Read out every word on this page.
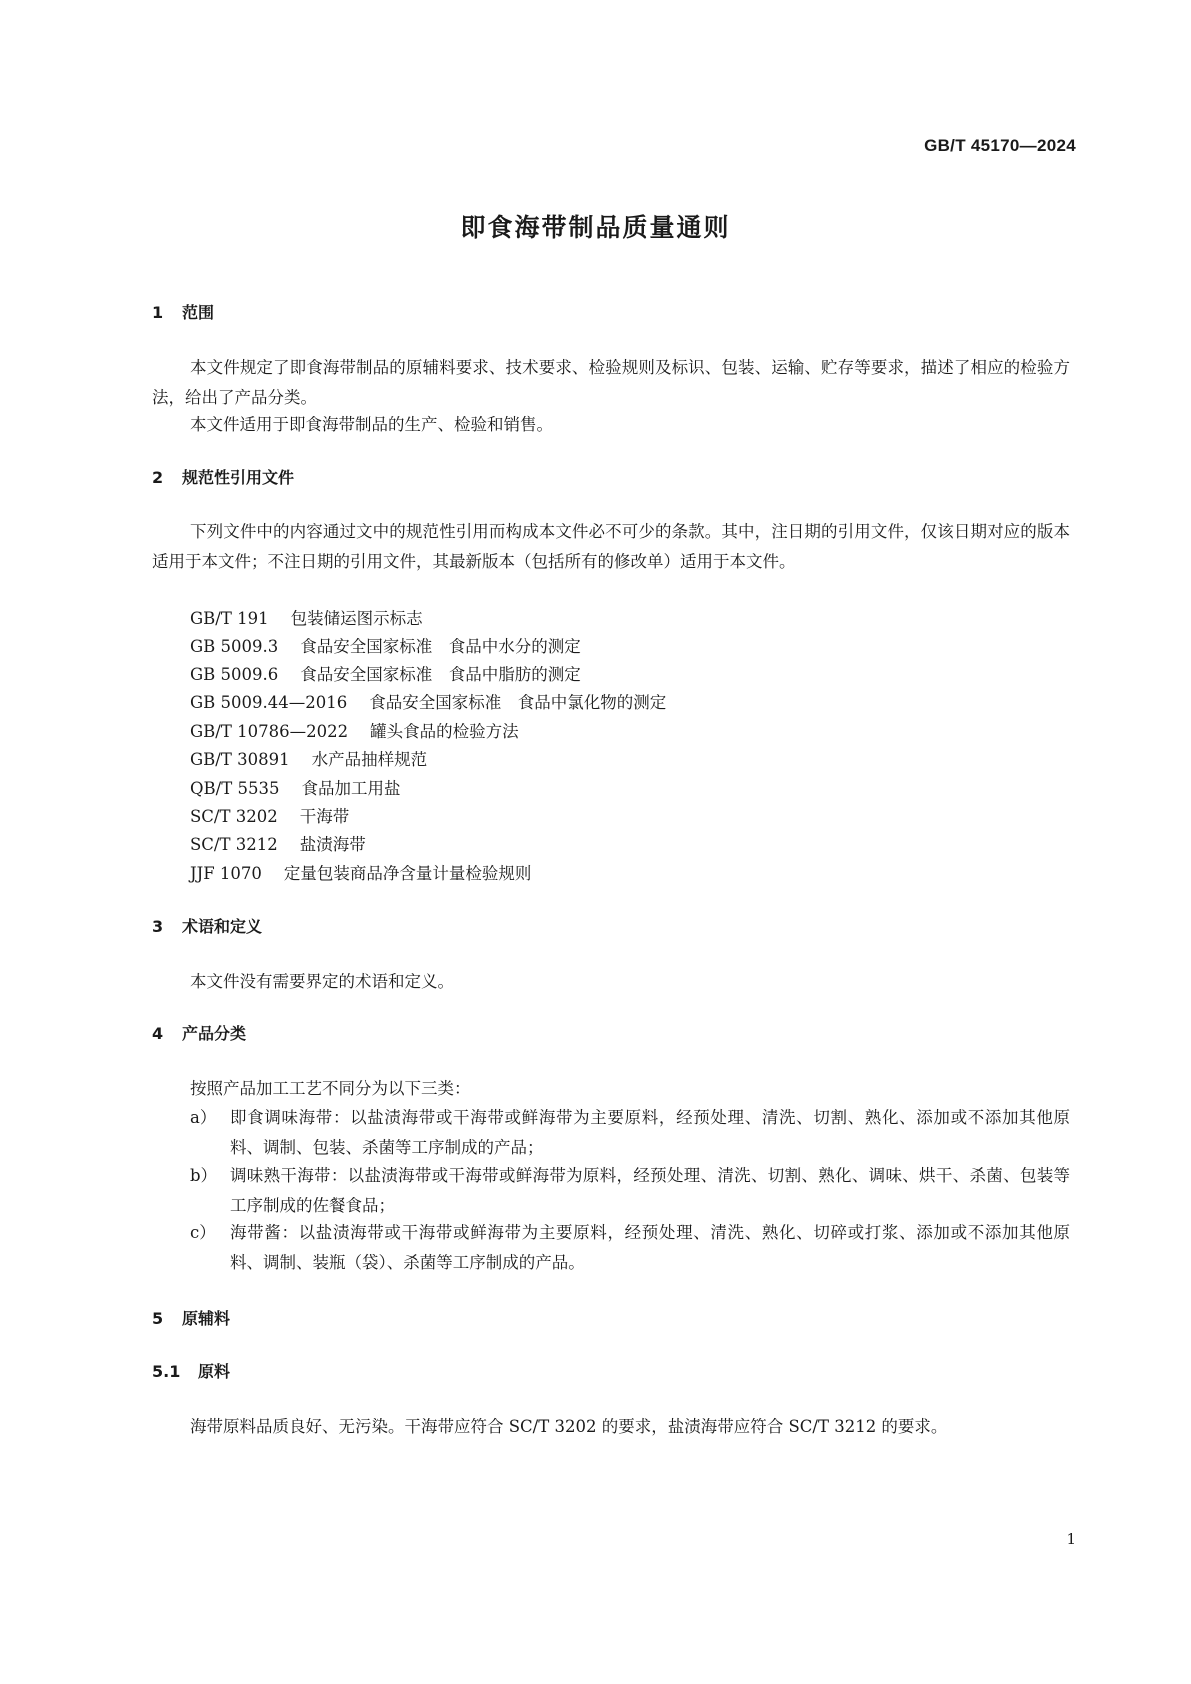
GB/T 45170—2024
即食海带制品质量通则
1 范围
本文件规定了即食海带制品的原辅料要求、技术要求、检验规则及标识、包装、运输、贮存等要求，描述了相应的检验方法，给出了产品分类。
本文件适用于即食海带制品的生产、检验和销售。
2 规范性引用文件
下列文件中的内容通过文中的规范性引用而构成本文件必不可少的条款。其中，注日期的引用文件，仅该日期对应的版本适用于本文件；不注日期的引用文件，其最新版本（包括所有的修改单）适用于本文件。
GB/T 191 包装储运图示标志
GB 5009.3 食品安全国家标准　食品中水分的测定
GB 5009.6 食品安全国家标准　食品中脂肪的测定
GB 5009.44—2016 食品安全国家标准　食品中氯化物的测定
GB/T 10786—2022 罐头食品的检验方法
GB/T 30891 水产品抽样规范
QB/T 5535 食品加工用盐
SC/T 3202 干海带
SC/T 3212 盐渍海带
JJF 1070 定量包装商品净含量计量检验规则
3 术语和定义
本文件没有需要界定的术语和定义。
4 产品分类
按照产品加工工艺不同分为以下三类：
a） 即食调味海带：以盐渍海带或干海带或鲜海带为主要原料，经预处理、清洗、切割、熟化、添加或不添加其他原料、调制、包装、杀菌等工序制成的产品；
b） 调味熟干海带：以盐渍海带或干海带或鲜海带为原料，经预处理、清洗、切割、熟化、调味、烘干、杀菌、包装等工序制成的佐餐食品；
c） 海带酱：以盐渍海带或干海带或鲜海带为主要原料，经预处理、清洗、熟化、切碎或打浆、添加或不添加其他原料、调制、装瓶（袋）、杀菌等工序制成的产品。
5 原辅料
5.1 原料
海带原料品质良好、无污染。干海带应符合 SC/T 3202 的要求，盐渍海带应符合 SC/T 3212 的要求。
1
